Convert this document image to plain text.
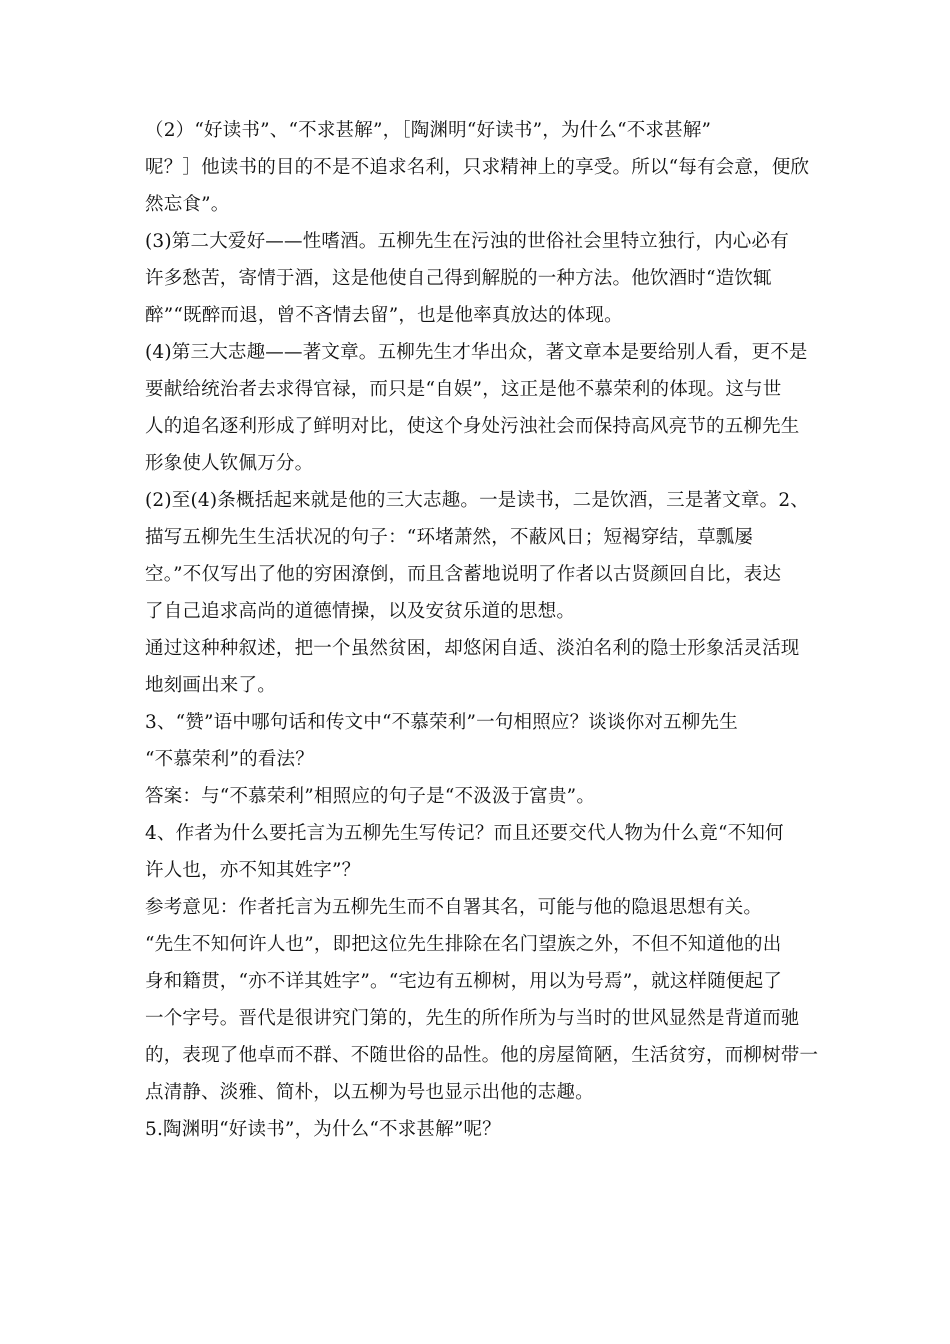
（2）“好读书”、“不求甚解”，［陶渊明“好读书”，为什么“不求甚解”
呢？］他读书的目的不是不追求名利，只求精神上的享受。所以“每有会意，便欣
然忘食”。
(3)第二大爱好——性嗜酒。五柳先生在污浊的世俗社会里特立独行，内心必有
许多愁苦，寄情于酒，这是他使自己得到解脱的一种方法。他饮酒时“造饮辄
醉”“既醉而退，曾不吝情去留”，也是他率真放达的体现。
(4)第三大志趣——著文章。五柳先生才华出众，著文章本是要给别人看，更不是
要献给统治者去求得官禄，而只是“自娱”，这正是他不慕荣利的体现。这与世
人的追名逐利形成了鲜明对比，使这个身处污浊社会而保持高风亮节的五柳先生
形象使人钦佩万分。
(2)至(4)条概括起来就是他的三大志趣。一是读书，二是饮酒，三是著文章。2、
描写五柳先生生活状况的句子：“环堵萧然，不蔽风日；短褐穿结，草瓢屡
空。”不仅写出了他的穷困潦倒，而且含蓄地说明了作者以古贤颜回自比，表达
了自己追求高尚的道德情操，以及安贫乐道的思想。
通过这种种叙述，把一个虽然贫困，却悠闲自适、淡泊名利的隐士形象活灵活现
地刻画出来了。
3、“赞”语中哪句话和传文中“不慕荣利”一句相照应？谈谈你对五柳先生
“不慕荣利”的看法？
答案：与“不慕荣利”相照应的句子是“不汲汲于富贵”。
4、作者为什么要托言为五柳先生写传记？而且还要交代人物为什么竟“不知何
许人也，亦不知其姓字”？
参考意见：作者托言为五柳先生而不自署其名，可能与他的隐退思想有关。
“先生不知何许人也”，即把这位先生排除在名门望族之外，不但不知道他的出
身和籍贯，“亦不详其姓字”。“宅边有五柳树，用以为号焉”，就这样随便起了
一个字号。晋代是很讲究门第的，先生的所作所为与当时的世风显然是背道而驰
的，表现了他卓而不群、不随世俗的品性。他的房屋简陋，生活贫穷，而柳树带一
点清静、淡雅、简朴，以五柳为号也显示出他的志趣。
5.陶渊明“好读书”，为什么“不求甚解”呢？
